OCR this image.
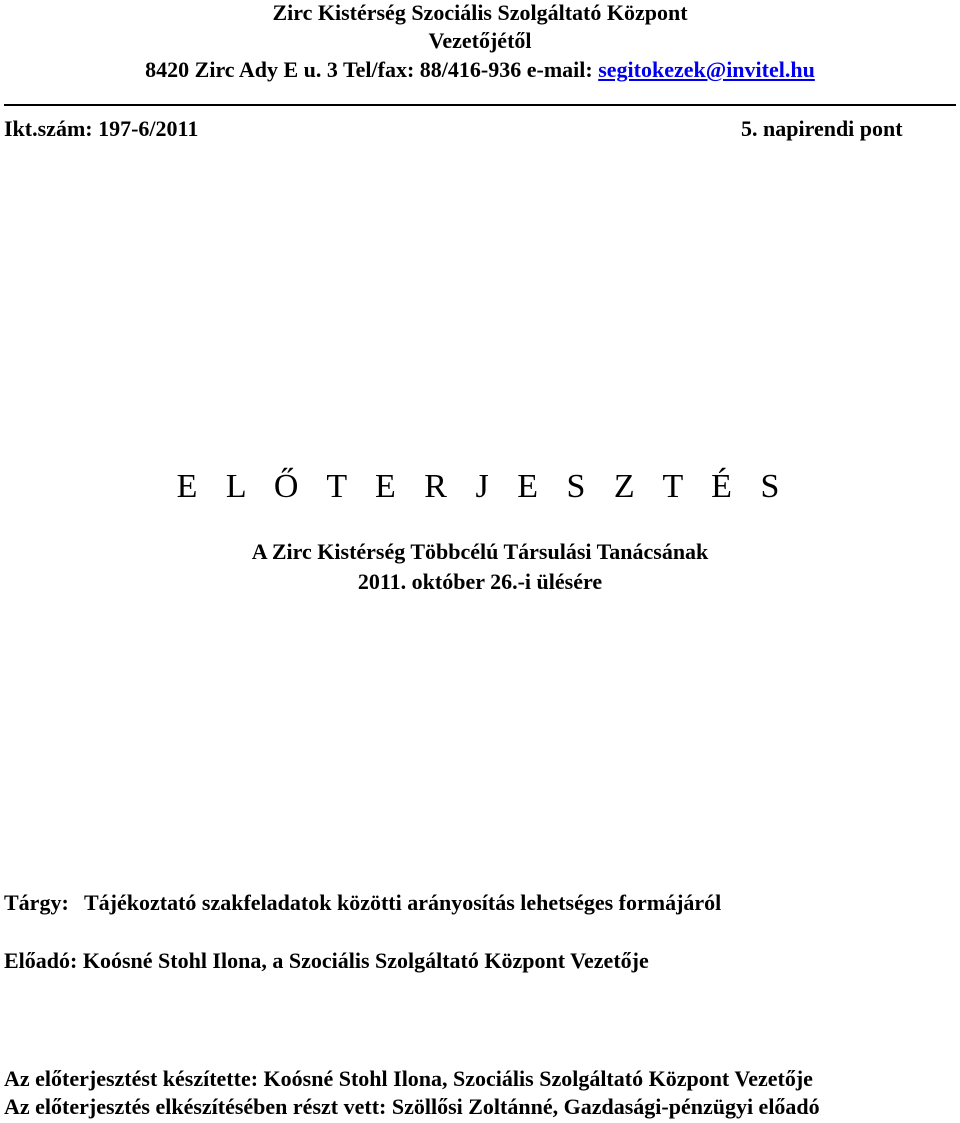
Zirc Kistérség Szociális Szolgáltató Központ
Vezetőjétől
8420 Zirc Ady E u. 3 Tel/fax: 88/416-936 e-mail: segitokezek@invitel.hu
Ikt.szám: 197-6/2011	5. napirendi pont
E L Ő T E R J E S Z T É S
A Zirc Kistérség Többcélú Társulási Tanácsának
2011. október 26.-i ülésére
Tárgy: Tájékoztató szakfeladatok közötti arányosítás lehetséges formájáról
Előadó: Koósné Stohl Ilona, a Szociális Szolgáltató Központ Vezetője
Az előterjesztést készítette: Koósné Stohl Ilona, Szociális Szolgáltató Központ Vezetője
Az előterjesztés elkészítésében részt vett: Szöllősi Zoltánné, Gazdasági-pénzügyi előadó
